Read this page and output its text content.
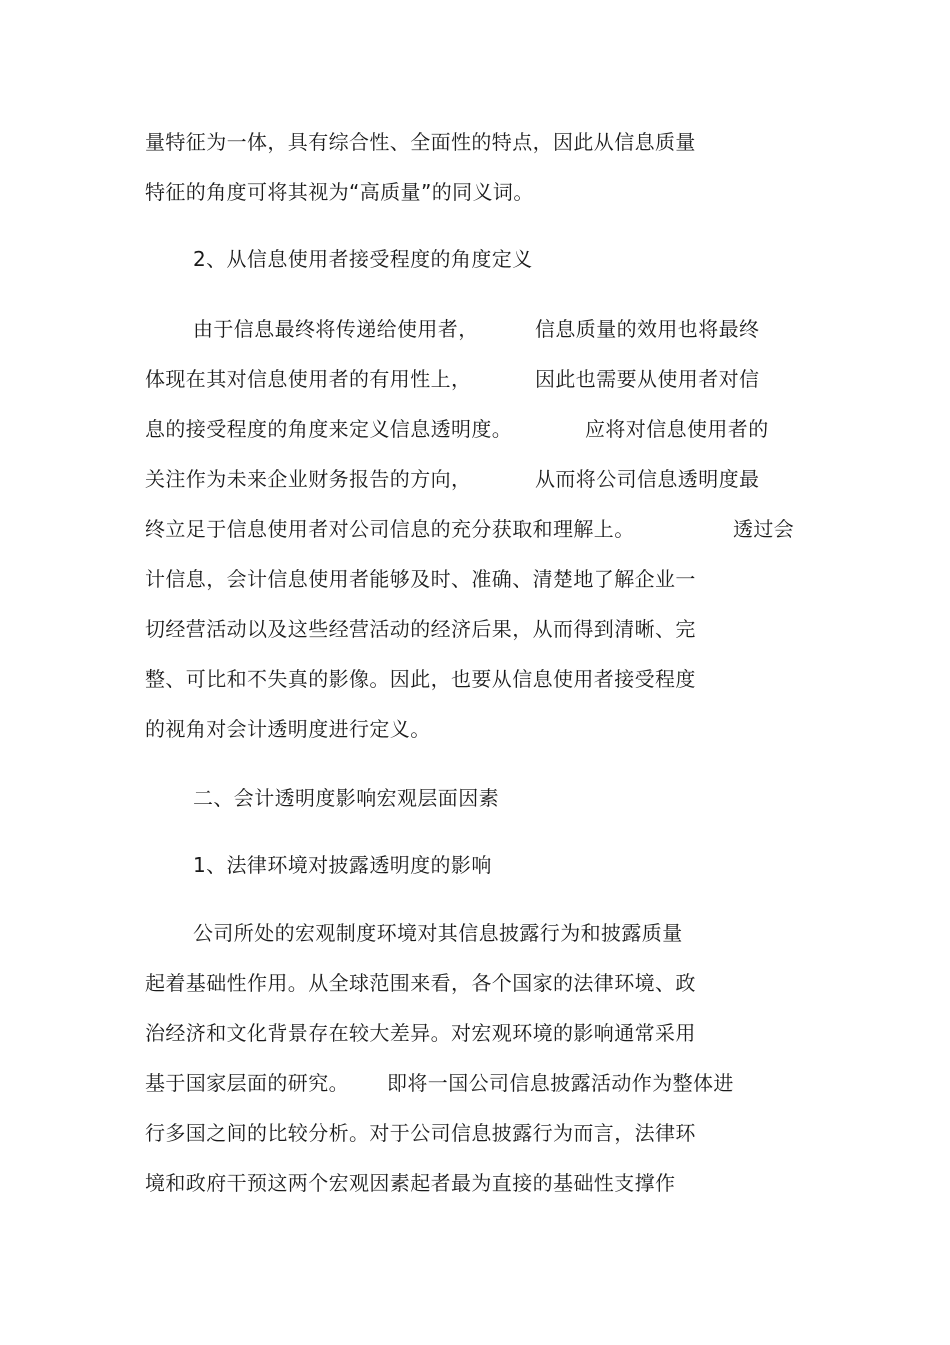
量特征为一体，具有综合性、全面性的特点，因此从信息质量
特征的角度可将其视为“高质量”的同义词。
2、从信息使用者接受程度的角度定义
由于信息最终将传递给使用者，	信息质量的效用也将最终
体现在其对信息使用者的有用性上，	因此也需要从使用者对信
息的接受程度的角度来定义信息透明度。	应将对信息使用者的
关注作为未来企业财务报告的方向，	从而将公司信息透明度最
终立足于信息使用者对公司信息的充分获取和理解上。	透过会
计信息，会计信息使用者能够及时、准确、清楚地了解企业一
切经营活动以及这些经营活动的经济后果，从而得到清晰、完
整、可比和不失真的影像。因此，也要从信息使用者接受程度
的视角对会计透明度进行定义。
二、会计透明度影响宏观层面因素
1、法律环境对披露透明度的影响
公司所处的宏观制度环境对其信息披露行为和披露质量
起着基础性作用。从全球范围来看，各个国家的法律环境、政
治经济和文化背景存在较大差异。对宏观环境的影响通常采用
基于国家层面的研究。 即将一国公司信息披露活动作为整体进
行多国之间的比较分析。对于公司信息披露行为而言，法律环
境和政府干预这两个宏观因素起者最为直接的基础性支撑作
